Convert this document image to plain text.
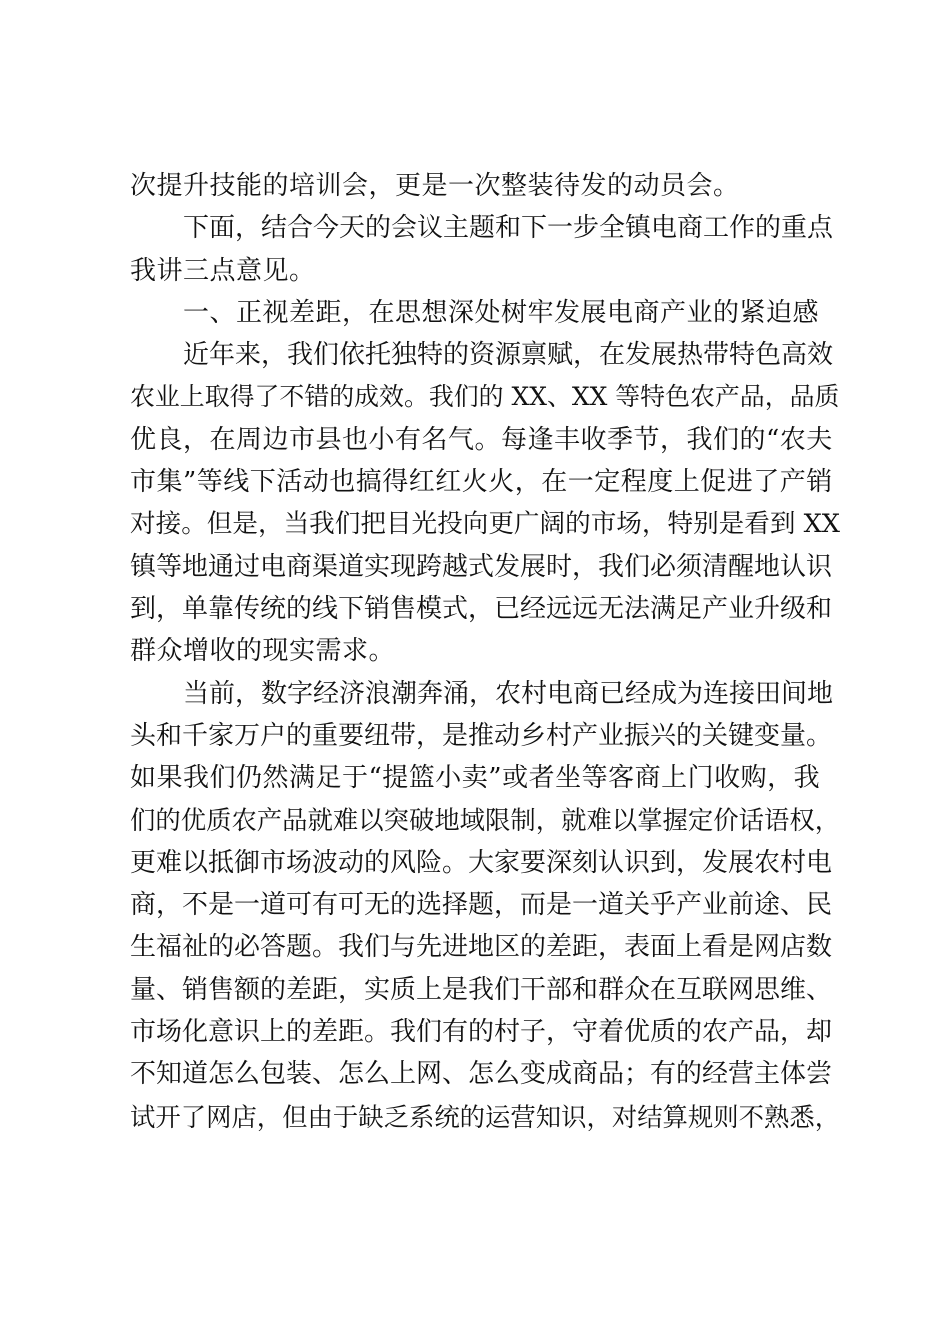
次提升技能的培训会，更是一次整装待发的动员会。
下面，结合今天的会议主题和下一步全镇电商工作的重点
我讲三点意见。
一、正视差距，在思想深处树牢发展电商产业的紧迫感
近年来，我们依托独特的资源禀赋，在发展热带特色高效
农业上取得了不错的成效。我们的 XX、XX 等特色农产品，品质
优良，在周边市县也小有名气。每逢丰收季节，我们的“农夫
市集”等线下活动也搞得红红火火，在一定程度上促进了产销
对接。但是，当我们把目光投向更广阔的市场，特别是看到 XX
镇等地通过电商渠道实现跨越式发展时，我们必须清醒地认识
到，单靠传统的线下销售模式，已经远远无法满足产业升级和
群众增收的现实需求。
当前，数字经济浪潮奔涌，农村电商已经成为连接田间地
头和千家万户的重要纽带，是推动乡村产业振兴的关键变量。
如果我们仍然满足于“提篮小卖”或者坐等客商上门收购，我
们的优质农产品就难以突破地域限制，就难以掌握定价话语权，
更难以抵御市场波动的风险。大家要深刻认识到，发展农村电
商，不是一道可有可无的选择题，而是一道关乎产业前途、民
生福祉的必答题。我们与先进地区的差距，表面上看是网店数
量、销售额的差距，实质上是我们干部和群众在互联网思维、
市场化意识上的差距。我们有的村子，守着优质的农产品，却
不知道怎么包装、怎么上网、怎么变成商品；有的经营主体尝
试开了网店，但由于缺乏系统的运营知识，对结算规则不熟悉，
